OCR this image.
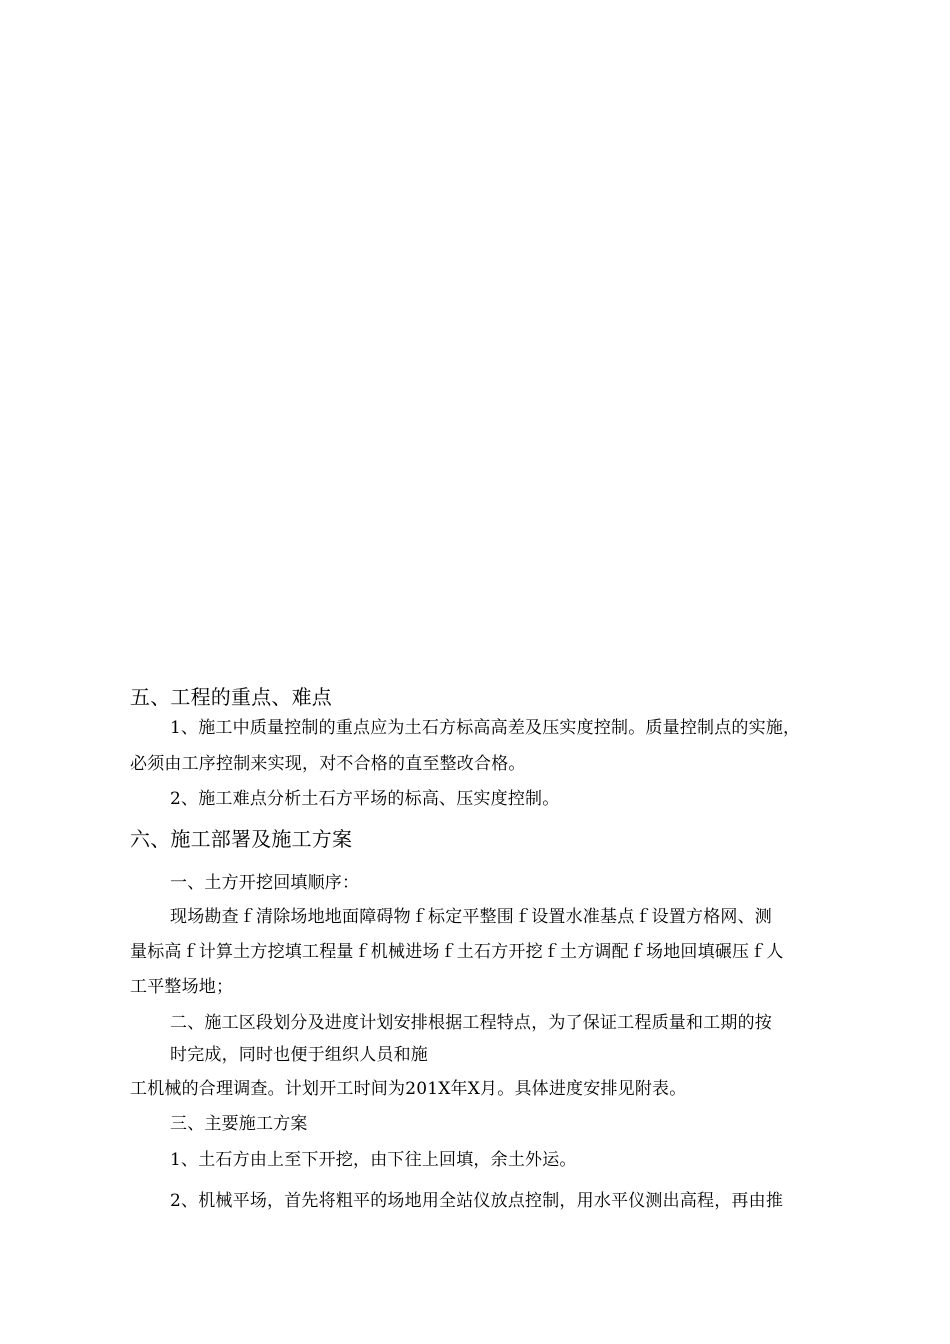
五、工程的重点、难点
1、施工中质量控制的重点应为土石方标高高差及压实度控制。质量控制点的实施，
必须由工序控制来实现，对不合格的直至整改合格。
2、施工难点分析土石方平场的标高、压实度控制。
六、施工部署及施工方案
一、土方开挖回填顺序：
现场勘查ｆ清除场地地面障碍物ｆ标定平整围ｆ设置水准基点ｆ设置方格网、测
量标高ｆ计算土方挖填工程量ｆ机械进场ｆ土石方开挖ｆ土方调配ｆ场地回填碾压ｆ人
工平整场地；
二、施工区段划分及进度计划安排根据工程特点，为了保证工程质量和工期的按
时完成，同时也便于组织人员和施
工机械的合理调查。计划开工时间为201X年X月。具体进度安排见附表。
三、主要施工方案
1、土石方由上至下开挖，由下往上回填，余土外运。
2、机械平场，首先将粗平的场地用全站仪放点控制，用水平仪测出高程，再由推
